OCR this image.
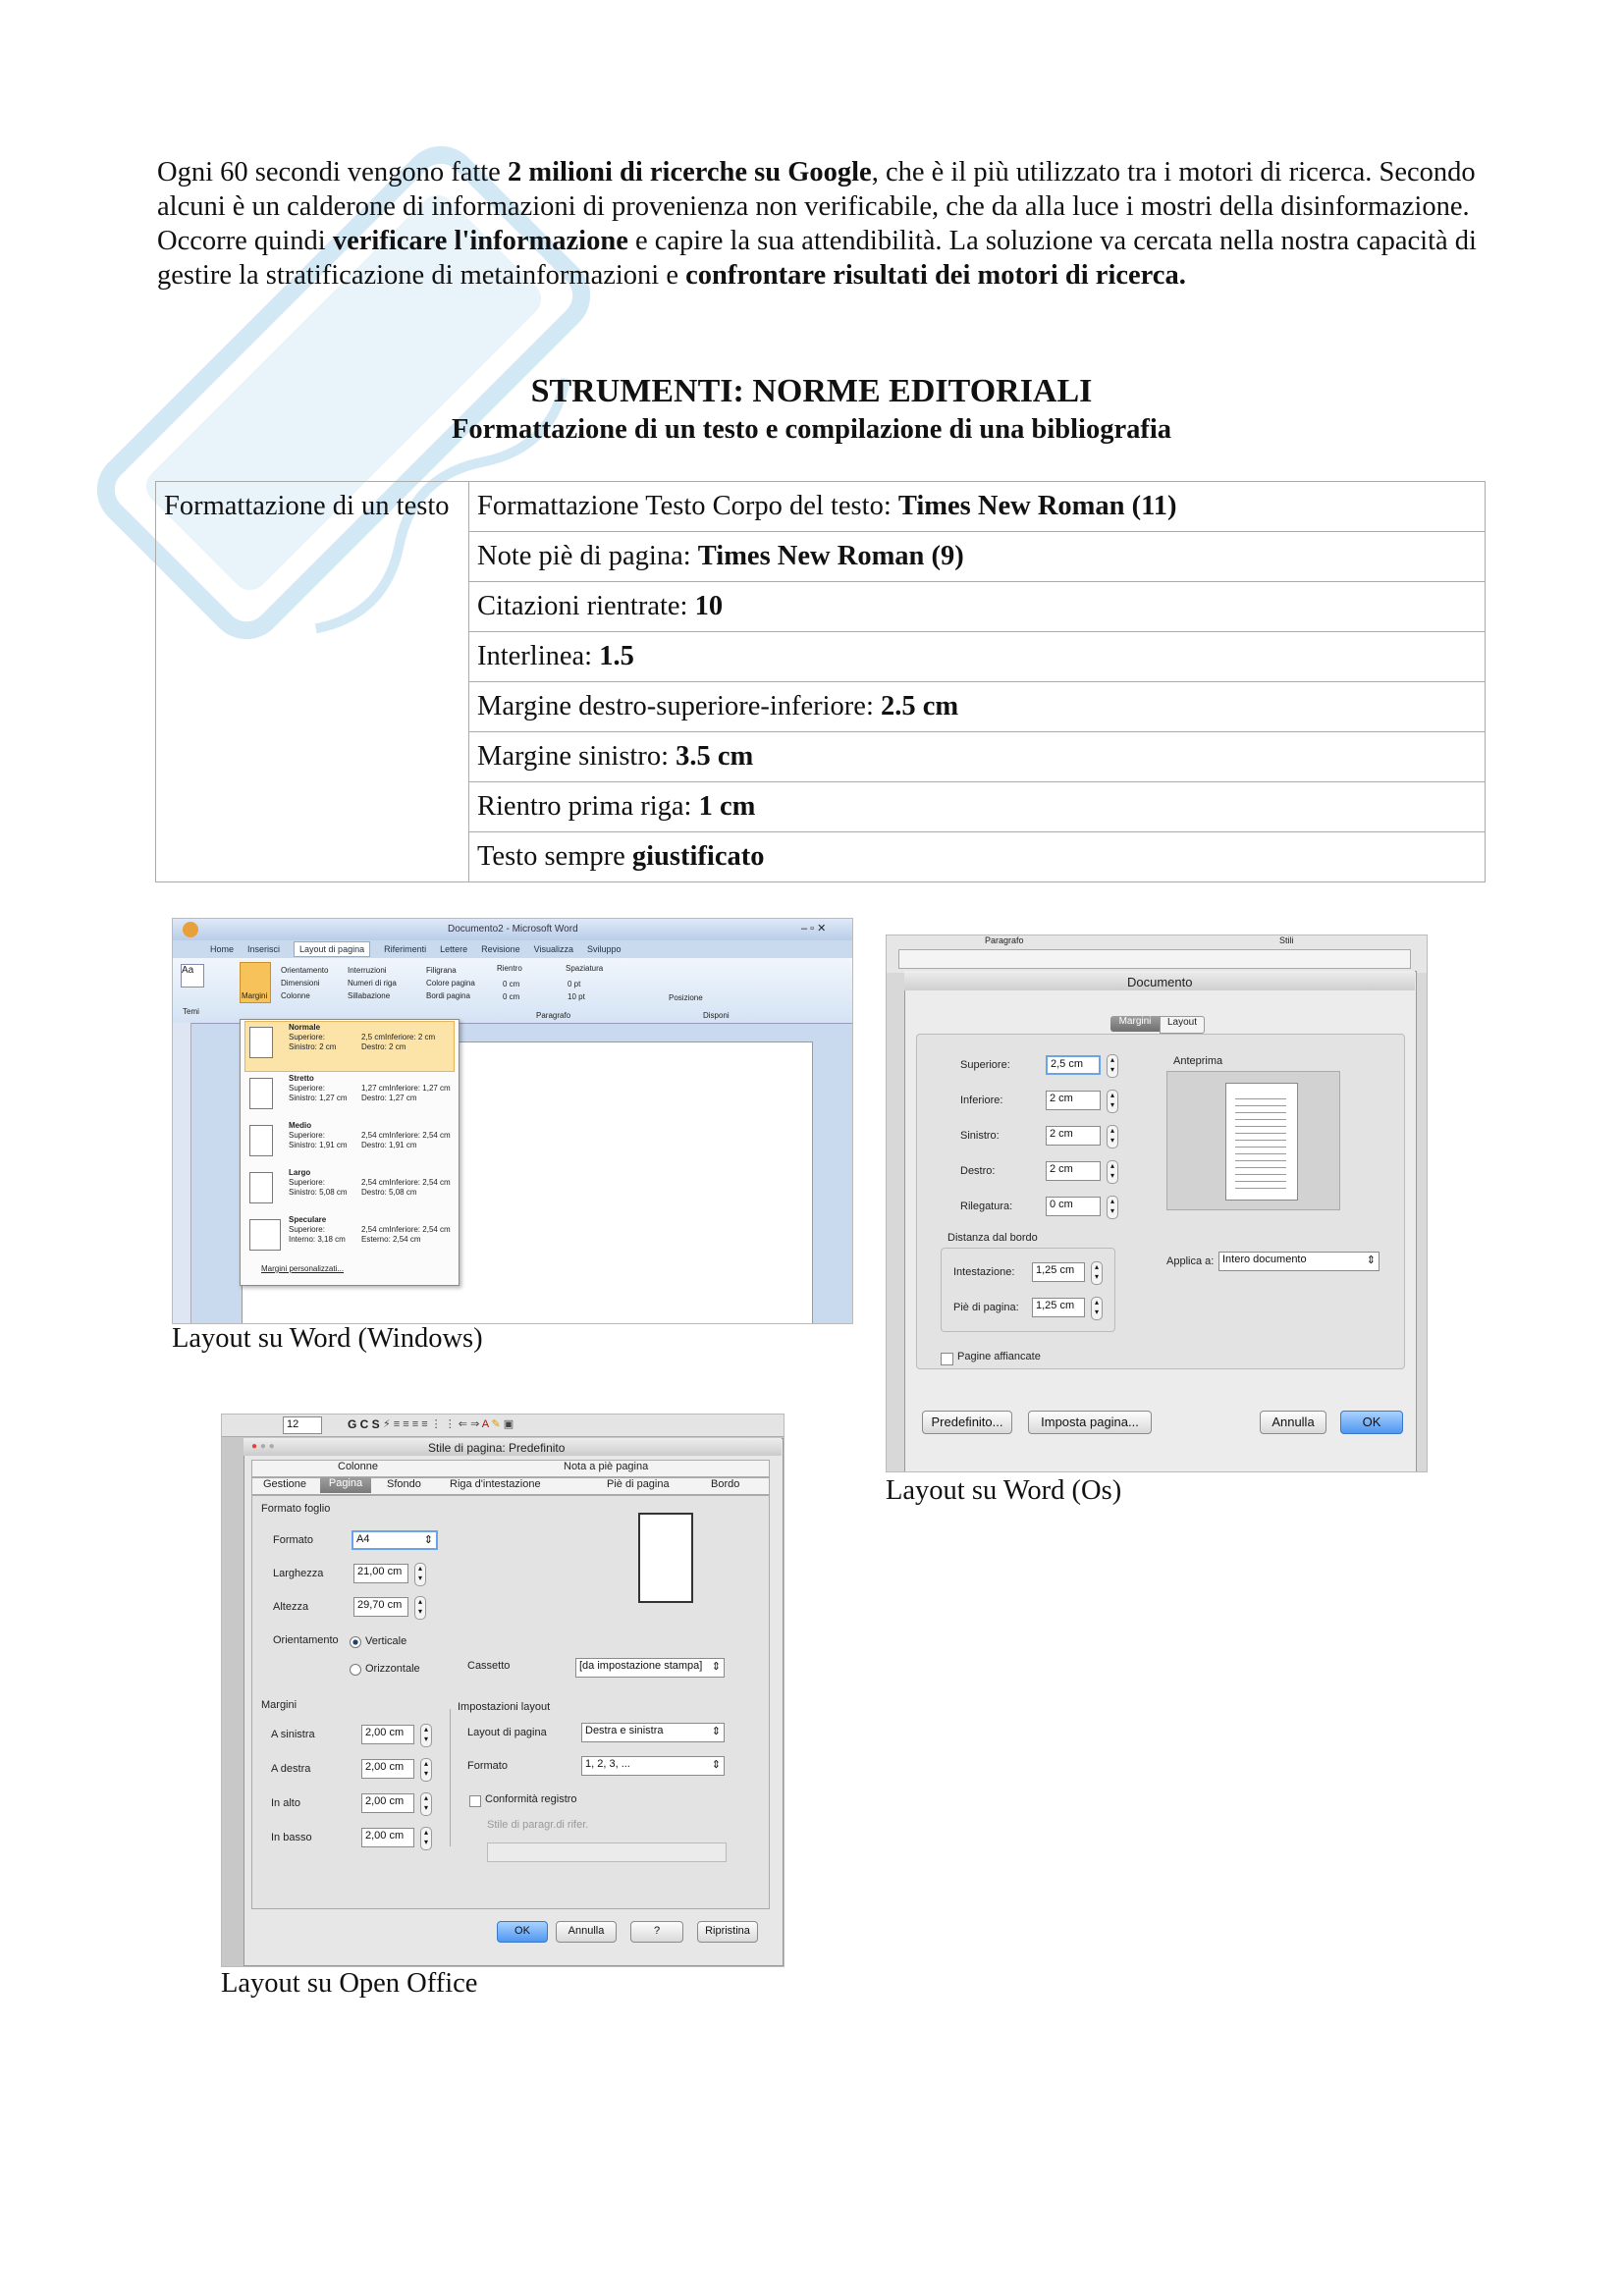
Ogni 60 secondi vengono fatte 2 milioni di ricerche su Google, che è il più utilizzato tra i motori di ricerca. Secondo alcuni è un calderone di informazioni di provenienza non verificabile, che da alla luce i mostri della disinformazione. Occorre quindi verificare l'informazione e capire la sua attendibilità. La soluzione va cercata nella nostra capacità di gestire la stratificazione di metainformazioni e confrontare risultati dei motori di ricerca.
STRUMENTI: NORME EDITORIALI
Formattazione di un testo e compilazione di una bibliografia
Formattazione di un testo	Formattazione Testo Corpo del testo: Times New Roman (11)
Note piè di pagina: Times New Roman (9)
Citazioni rientrate: 10
Interlinea: 1.5
Margine destro-superiore-inferiore: 2.5 cm
Margine sinistro: 3.5 cm
Rientro prima riga: 1 cm
Testo sempre giustificato
Documento2 - Microsoft Word	– ▫ ✕
Home Inserisci Layout di pagina Riferimenti Lettere Revisione Visualizza Sviluppo
Aa
Temi
Margini
Orientamento
Dimensioni
Colonne
Interruzioni
Numeri di riga
Sillabazione
Filigrana
Colore pagina
Bordi pagina
Rientro	Spaziatura
0 cm
0 cm
0 pt
10 pt
Paragrafo	Disponi
Posizione
Normale
Superiore:
Sinistro: 2 cm
2,5 cmInferiore: 2 cm
Destro: 2 cm
Stretto
Superiore:
Sinistro: 1,27 cm
1,27 cmInferiore: 1,27 cm
Destro: 1,27 cm
Medio
Superiore:
Sinistro: 1,91 cm
2,54 cmInferiore: 2,54 cm
Destro: 1,91 cm
Largo
Superiore:
Sinistro: 5,08 cm
2,54 cmInferiore: 2,54 cm
Destro: 5,08 cm
Speculare
Superiore:
Interno: 3,18 cm
2,54 cmInferiore: 2,54 cm
Esterno: 2,54 cm
Margini personalizzati...
Layout su Word (Windows)
Paragrafo	Stili
Documento
Margini	Layout
Superiore:	2,5 cm	▴
▾
Inferiore:	2 cm	▴
▾
Sinistro:	2 cm	▴
▾
Destro:	2 cm	▴
▾
Rilegatura:	0 cm	▴
▾
Anteprima
Distanza dal bordo
Intestazione:	1,25 cm	▴
▾
Piè di pagina:	1,25 cm	▴
▾
Applica a: Intero documento	⇕
Pagine affiancate
Predefinito...	Imposta pagina...	Annulla	OK
Layout su Word (Os)
12	G C S ⚡ ≡ ≡ ≡ ≡ ⋮ ⋮ ⇐ ⇒ A ✎ ▣
● ● ●	Stile di pagina: Predefinito
Colonne	Nota a piè pagina
Gestione	Pagina	Sfondo	Riga d'intestazione	Piè di pagina	Bordo
Formato foglio
Formato	A4	⇕
Larghezza	21,00 cm	▴
▾
Altezza	29,70 cm	▴
▾
Orientamento Verticale
Orizzontale	Cassetto	[da impostazione stampa] ⇕
Margini
A sinistra	2,00 cm	▴
▾
A destra	2,00 cm	▴
▾
In alto	2,00 cm	▴
▾
In basso	2,00 cm	▴
▾
Impostazioni layout
Layout di pagina	Destra e sinistra	⇕
Formato	1, 2, 3, ...	⇕
Conformità registro
Stile di paragr.di rifer.
OK	Annulla	?	Ripristina
Layout su Open Office
